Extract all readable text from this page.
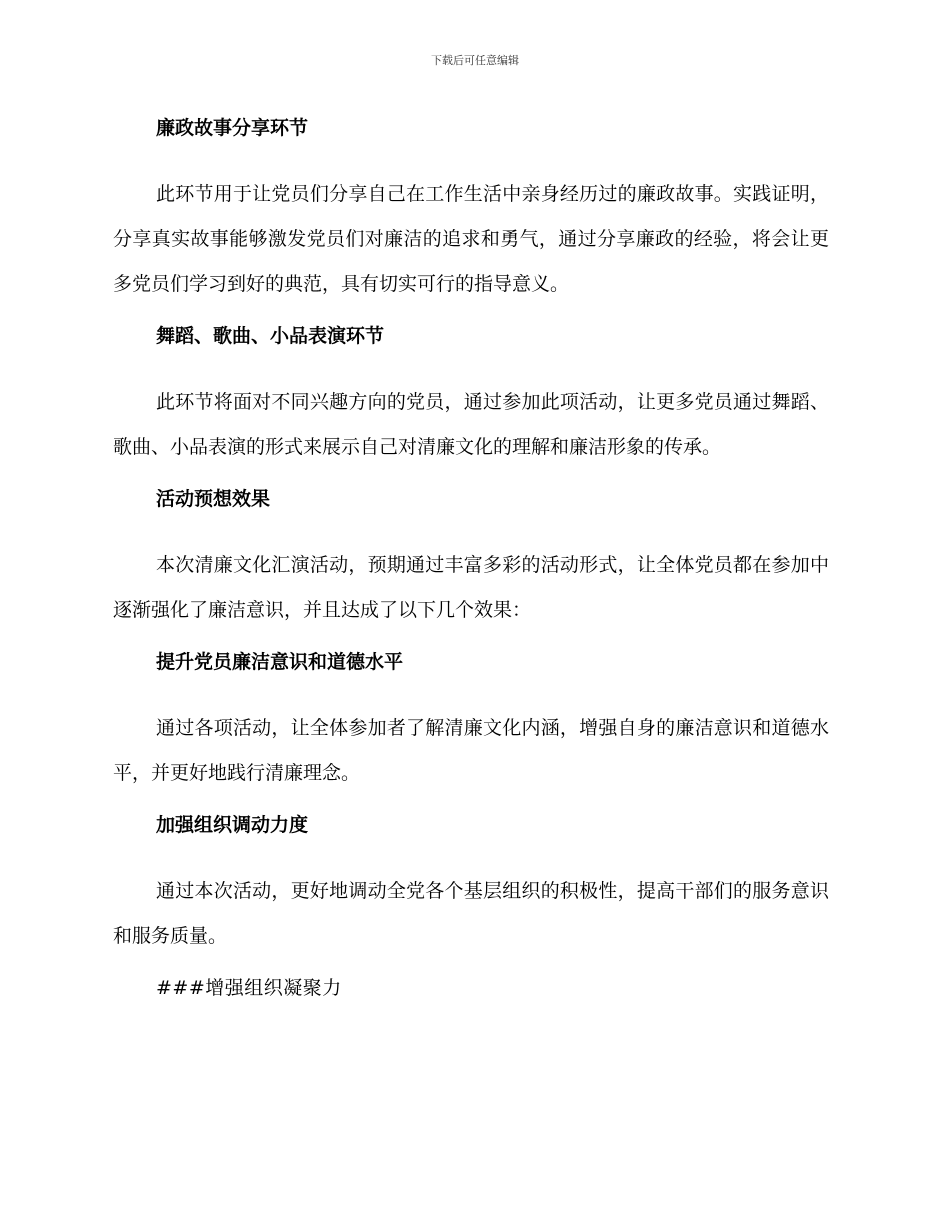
下载后可任意编辑
廉政故事分享环节
此环节用于让党员们分享自己在工作生活中亲身经历过的廉政故事。实践证明，分享真实故事能够激发党员们对廉洁的追求和勇气，通过分享廉政的经验，将会让更多党员们学习到好的典范，具有切实可行的指导意义。
舞蹈、歌曲、小品表演环节
此环节将面对不同兴趣方向的党员，通过参加此项活动，让更多党员通过舞蹈、歌曲、小品表演的形式来展示自己对清廉文化的理解和廉洁形象的传承。
活动预想效果
本次清廉文化汇演活动，预期通过丰富多彩的活动形式，让全体党员都在参加中逐渐强化了廉洁意识，并且达成了以下几个效果：
提升党员廉洁意识和道德水平
通过各项活动，让全体参加者了解清廉文化内涵，增强自身的廉洁意识和道德水平，并更好地践行清廉理念。
加强组织调动力度
通过本次活动，更好地调动全党各个基层组织的积极性，提高干部们的服务意识和服务质量。
###增强组织凝聚力
